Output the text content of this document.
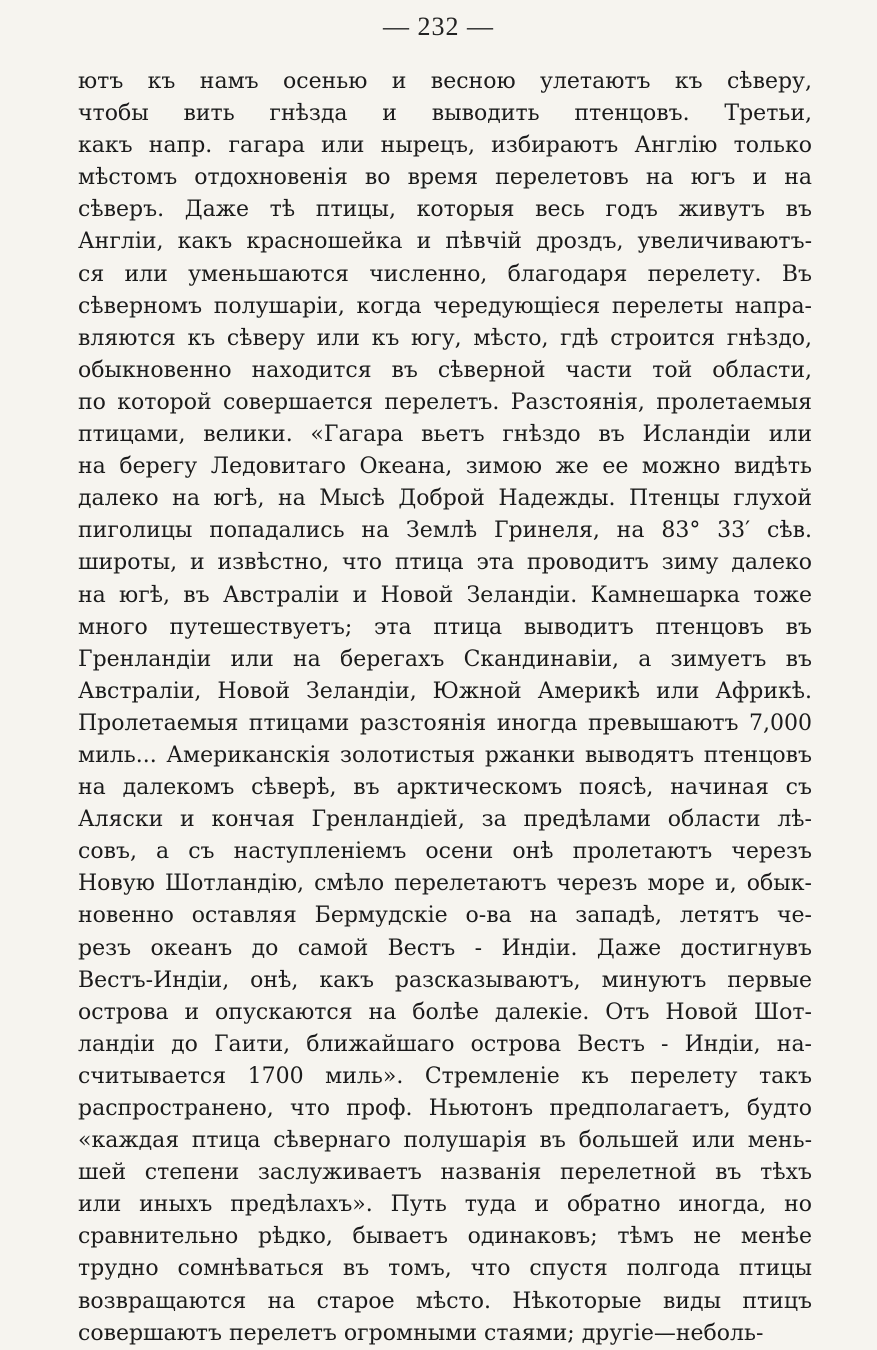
— 232 —
ютъ къ намъ осенью и весною улетаютъ къ сѣверу,
чтобы вить гнѣзда и выводить птенцовъ. Третьи,
какъ напр. гагара или нырецъ, избираютъ Англію только
мѣстомъ отдохновенія во время перелетовъ на югъ и на
сѣверъ. Даже тѣ птицы, которыя весь годъ живутъ въ
Англіи, какъ красношейка и пѣвчій дроздъ, увеличиваютъ-
ся или уменьшаются численно, благодаря перелету. Въ
сѣверномъ полушаріи, когда чередующіеся перелеты напра-
вляются къ сѣверу или къ югу, мѣсто, гдѣ строится гнѣздо,
обыкновенно находится въ сѣверной части той области,
по которой совершается перелетъ. Разстоянія, пролетаемыя
птицами, велики. «Гагара вьетъ гнѣздо въ Исландіи или
на берегу Ледовитаго Океана, зимою же ее можно видѣть
далеко на югѣ, на Мысѣ Доброй Надежды. Птенцы глухой
пиголицы попадались на Землѣ Гринеля, на 83° 33′ сѣв.
широты, и извѣстно, что птица эта проводитъ зиму далеко
на югѣ, въ Австраліи и Новой Зеландіи. Камнешарка тоже
много путешествуетъ; эта птица выводитъ птенцовъ въ
Гренландіи или на берегахъ Скандинавіи, а зимуетъ въ
Австраліи, Новой Зеландіи, Южной Америкѣ или Африкѣ.
Пролетаемыя птицами разстоянія иногда превышаютъ 7,000
миль... Американскія золотистыя ржанки выводятъ птенцовъ
на далекомъ сѣверѣ, въ арктическомъ поясѣ, начиная съ
Аляски и кончая Гренландіей, за предѣлами области лѣ-
совъ, а съ наступленіемъ осени онѣ пролетаютъ черезъ
Новую Шотландію, смѣло перелетаютъ черезъ море и, обык-
новенно оставляя Бермудскіе о-ва на западѣ, летятъ че-
резъ океанъ до самой Вестъ - Индіи. Даже достигнувъ
Вестъ-Индіи, онѣ, какъ разсказываютъ, минуютъ первые
острова и опускаются на болѣе далекіе. Отъ Новой Шот-
ландіи до Гаити, ближайшаго острова Вестъ - Индіи, на-
считывается 1700 миль». Стремленіе къ перелету такъ
распространено, что проф. Ньютонъ предполагаетъ, будто
«каждая птица сѣвернаго полушарія въ большей или мень-
шей степени заслуживаетъ названія перелетной въ тѣхъ
или иныхъ предѣлахъ». Путь туда и обратно иногда, но
сравнительно рѣдко, бываетъ одинаковъ; тѣмъ не менѣе
трудно сомнѣваться въ томъ, что спустя полгода птицы
возвращаются на старое мѣсто. Нѣкоторые виды птицъ
совершаютъ перелетъ огромными стаями; другіе—неболь-
